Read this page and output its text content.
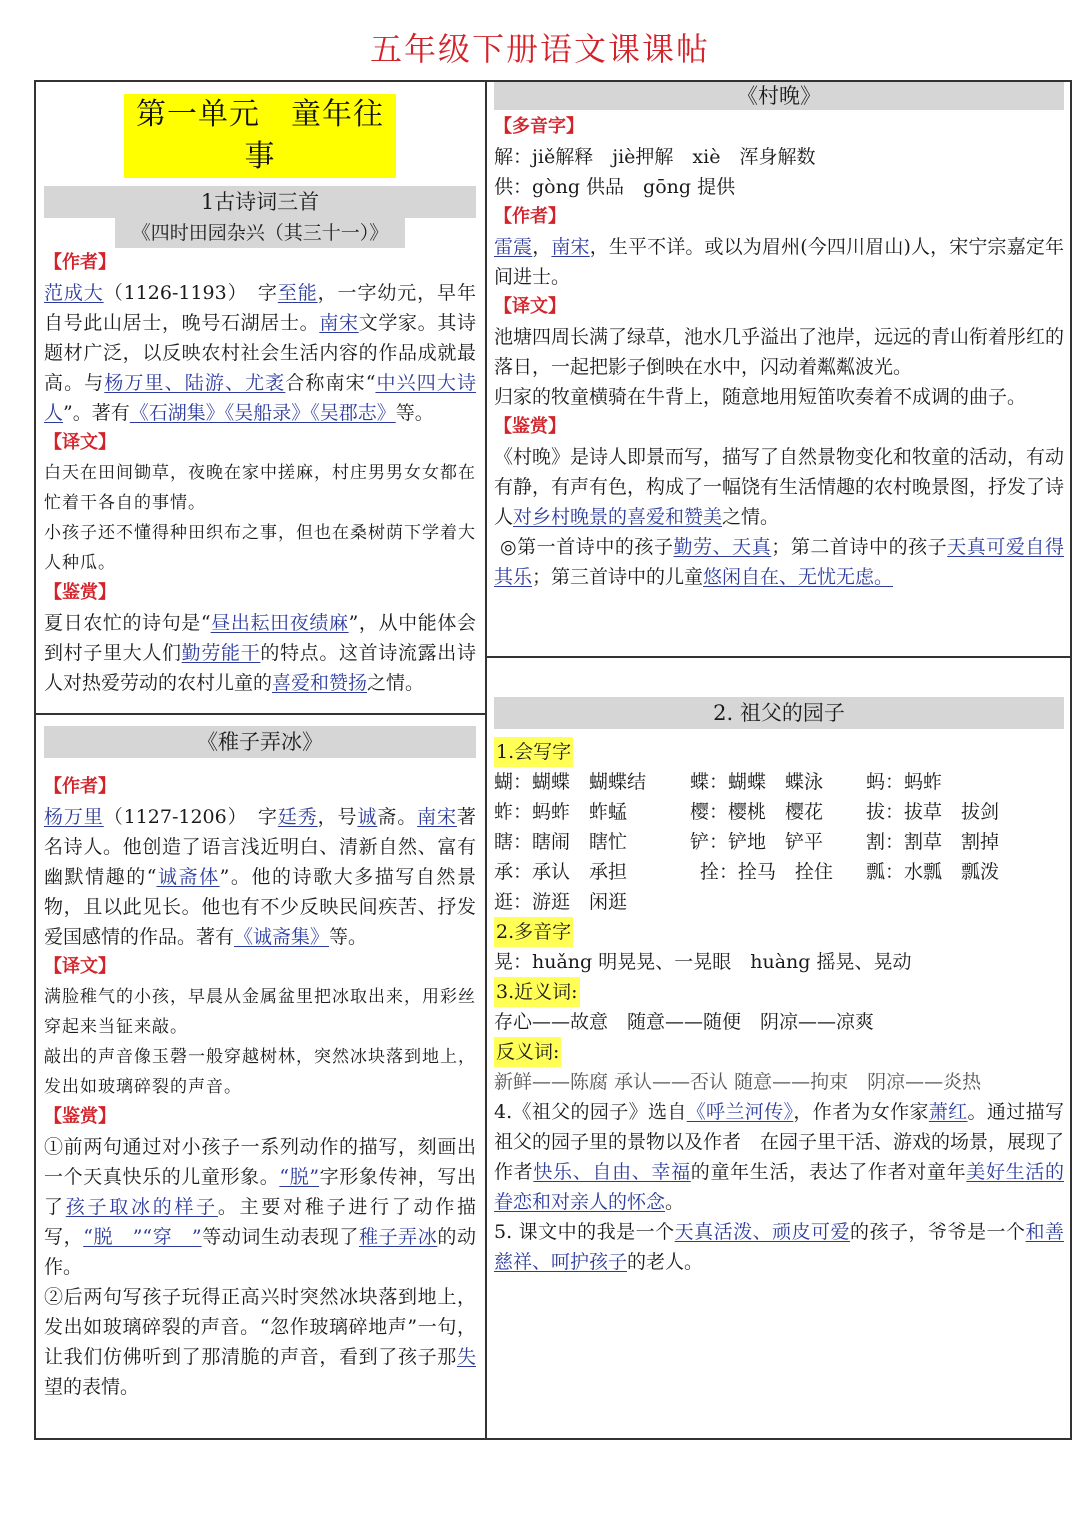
五年级下册语文课课帖
第一单元　童年往事
1古诗词三首
《四时田园杂兴（其三十一）》
【作者】

范成大（1126-1193）　字至能，一字幼元，早年自号此山居士，晚号石湖居士。南宋文学家。其诗题材广泛，以反映农村社会生活内容的作品成就最高。与杨万里、陆游、尤袤合称南宋“中兴四大诗人”。著有《石湖集》《吴船录》《吴郡志》等。

【译文】

白天在田间锄草，夜晚在家中搓麻，村庄男男女女都在忙着干各自的事情。

小孩子还不懂得种田织布之事，但也在桑树荫下学着大人种瓜。

【鉴赏】

夏日农忙的诗句是“昼出耘田夜绩麻”，从中能体会到村子里大人们勤劳能干的特点。这首诗流露出诗人对热爱劳动的农村儿童的喜爱和赞扬之情。

《稚子弄冰》
【作者】

杨万里（1127-1206）　字廷秀，号诚斋。南宋著名诗人。他创造了语言浅近明白、清新自然、富有幽默情趣的“诚斋体”。他的诗歌大多描写自然景物，且以此见长。他也有不少反映民间疾苦、抒发爱国感情的作品。著有《诚斋集》等。

【译文】

满脸稚气的小孩，早晨从金属盆里把冰取出来，用彩丝穿起来当钲来敲。

敲出的声音像玉磬一般穿越树林，突然冰块落到地上，发出如玻璃碎裂的声音。

【鉴赏】

①前两句通过对小孩子一系列动作的描写，刻画出一个天真快乐的儿童形象。“脱”字形象传神，写出了孩子取冰的样子。主要对稚子进行了动作描写，“脱　”“穿　”等动词生动表现了稚子弄冰的动作。

②后两句写孩子玩得正高兴时突然冰块落到地上，发出如玻璃碎裂的声音。“忽作玻璃碎地声”一句，让我们仿佛听到了那清脆的声音，看到了孩子那失望的表情。

《村晚》
【多音字】

解：jiě解释　jiè押解　xiè　浑身解数

供：gòng 供品　gōng 提供

【作者】

雷震，南宋，生平不详。或以为眉州(今四川眉山)人，宋宁宗嘉定年间进士。

【译文】

池塘四周长满了绿草，池水几乎溢出了池岸，远远的青山衔着彤红的落日，一起把影子倒映在水中，闪动着粼粼波光。

归家的牧童横骑在牛背上，随意地用短笛吹奏着不成调的曲子。

【鉴赏】

《村晚》是诗人即景而写，描写了自然景物变化和牧童的活动，有动有静，有声有色，构成了一幅饶有生活情趣的农村晚景图，抒发了诗人对乡村晚景的喜爱和赞美之情。

◎第一首诗中的孩子勤劳、天真；第二首诗中的孩子天真可爱自得其乐；第三首诗中的儿童悠闲自在、无忧无虑。

2. 祖父的园子
1.会写字
蝴：蝴蝶　蝴蝶结	蝶：蝴蝶　蝶泳	蚂：蚂蚱
蚱：蚂蚱　蚱蜢	樱：樱桃　樱花	拔：拔草　拔剑
瞎：瞎闹　瞎忙	铲：铲地　铲平	割：割草　割掉
承：承认　承担	拴：拴马　拴住	瓢：水瓢　瓢泼
逛：游逛　闲逛
2.多音字

晃：huǎng 明晃晃、一晃眼　huàng 摇晃、晃动

3.近义词:

存心——故意　随意——随便　阴凉——凉爽

反义词:

新鲜——陈腐 承认——否认 随意——拘束　阴凉——炎热

4.《祖父的园子》选自《呼兰河传》，作者为女作家萧红。通过描写祖父的园子里的景物以及作者　在园子里干活、游戏的场景，展现了作者快乐、自由、幸福的童年生活，表达了作者对童年美好生活的眷恋和对亲人的怀念。

5. 课文中的我是一个天真活泼、顽皮可爱的孩子，爷爷是一个和善慈祥、呵护孩子的老人。
